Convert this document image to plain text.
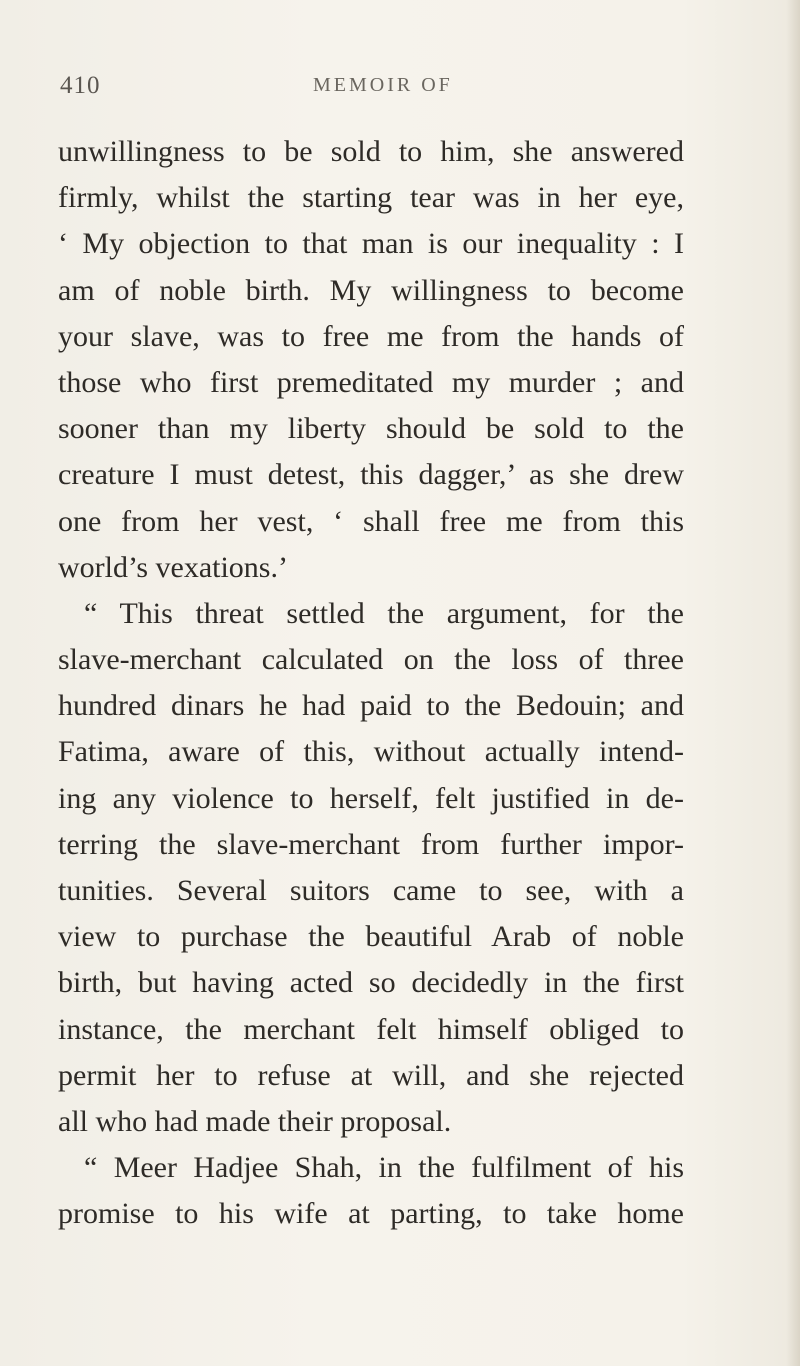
410	MEMOIR OF
unwillingness to be sold to him, she answered
firmly, whilst the starting tear was in her eye,
‘ My objection to that man is our inequality : I
am of noble birth. My willingness to become
your slave, was to free me from the hands of
those who first premeditated my murder ; and
sooner than my liberty should be sold to the
creature I must detest, this dagger,’ as she drew
one from her vest, ‘ shall free me from this
world’s vexations.’
“ This threat settled the argument, for the
slave-merchant calculated on the loss of three
hundred dinars he had paid to the Bedouin; and
Fatima, aware of this, without actually intend-
ing any violence to herself, felt justified in de-
terring the slave-merchant from further impor-
tunities. Several suitors came to see, with a
view to purchase the beautiful Arab of noble
birth, but having acted so decidedly in the first
instance, the merchant felt himself obliged to
permit her to refuse at will, and she rejected
all who had made their proposal.
“ Meer Hadjee Shah, in the fulfilment of his
promise to his wife at parting, to take home
